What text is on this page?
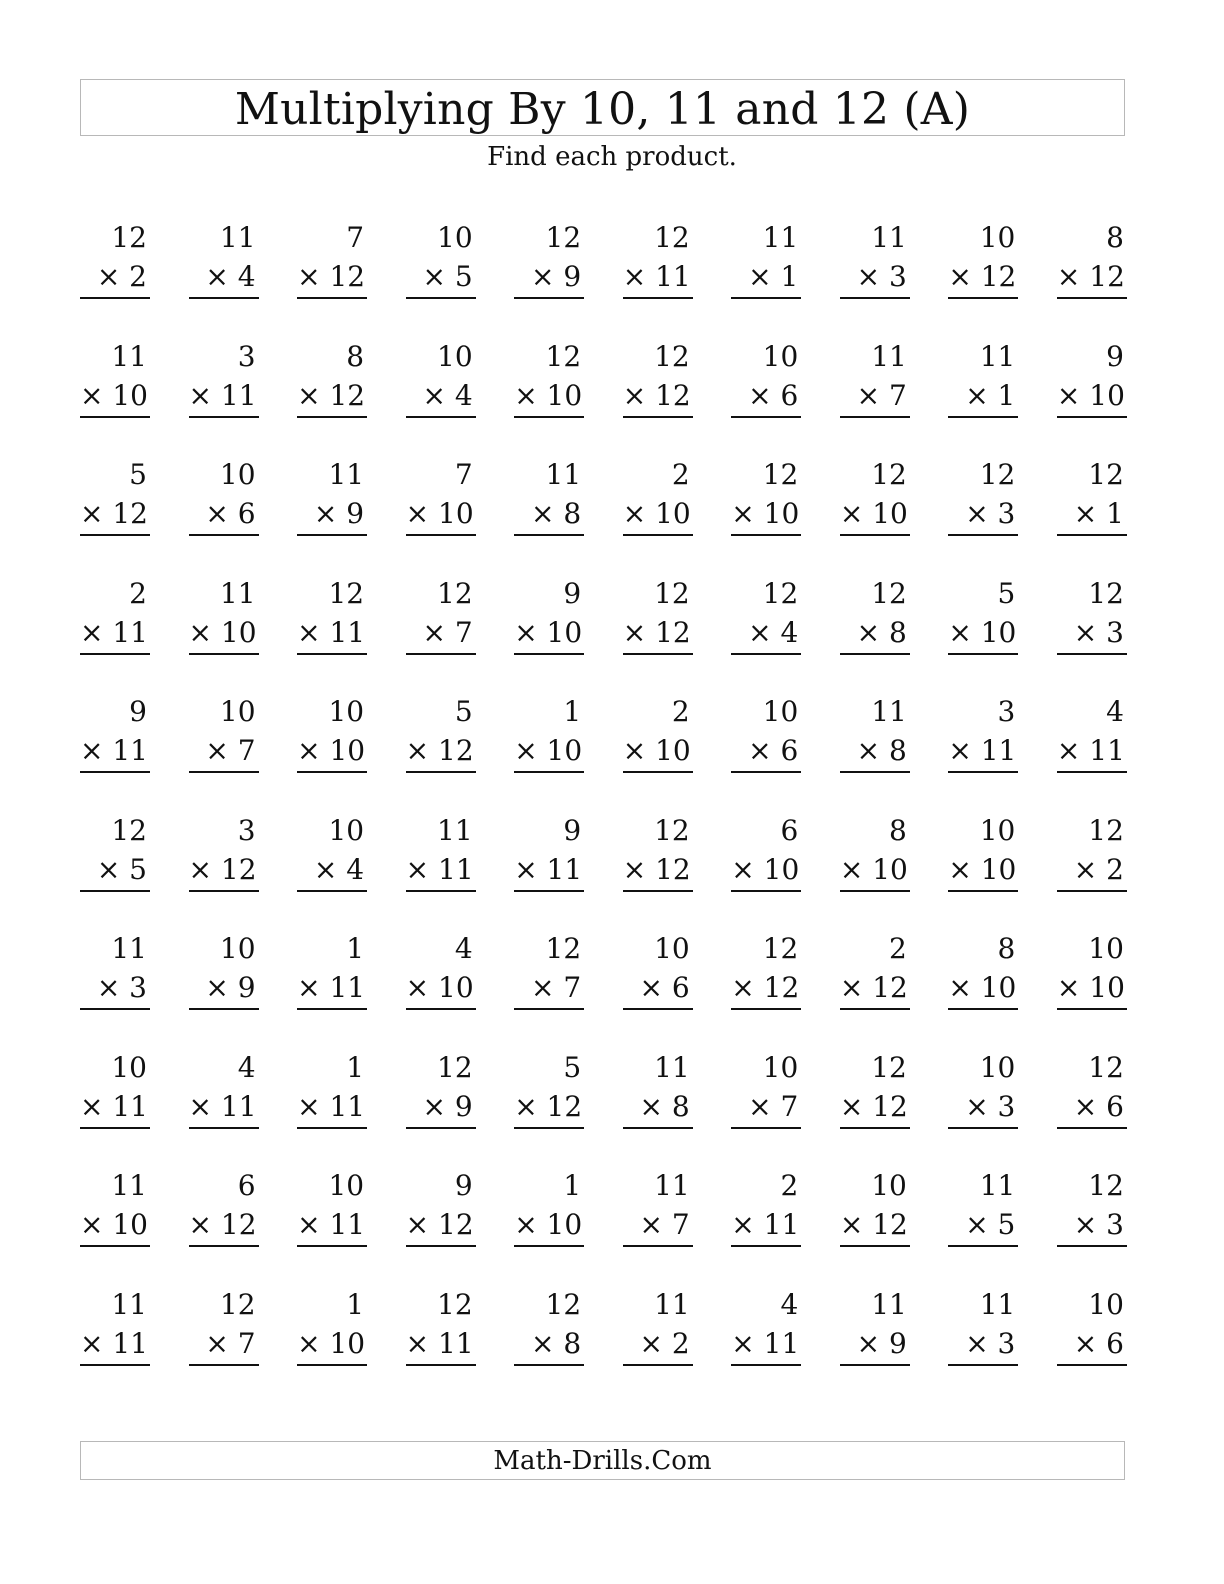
Multiplying By 10, 11 and 12 (A)
Find each product.
12
× 2
11
× 4
7
× 12
10
× 5
12
× 9
12
× 11
11
× 1
11
× 3
10
× 12
8
× 12
11
× 10
3
× 11
8
× 12
10
× 4
12
× 10
12
× 12
10
× 6
11
× 7
11
× 1
9
× 10
5
× 12
10
× 6
11
× 9
7
× 10
11
× 8
2
× 10
12
× 10
12
× 10
12
× 3
12
× 1
2
× 11
11
× 10
12
× 11
12
× 7
9
× 10
12
× 12
12
× 4
12
× 8
5
× 10
12
× 3
9
× 11
10
× 7
10
× 10
5
× 12
1
× 10
2
× 10
10
× 6
11
× 8
3
× 11
4
× 11
12
× 5
3
× 12
10
× 4
11
× 11
9
× 11
12
× 12
6
× 10
8
× 10
10
× 10
12
× 2
11
× 3
10
× 9
1
× 11
4
× 10
12
× 7
10
× 6
12
× 12
2
× 12
8
× 10
10
× 10
10
× 11
4
× 11
1
× 11
12
× 9
5
× 12
11
× 8
10
× 7
12
× 12
10
× 3
12
× 6
11
× 10
6
× 12
10
× 11
9
× 12
1
× 10
11
× 7
2
× 11
10
× 12
11
× 5
12
× 3
11
× 11
12
× 7
1
× 10
12
× 11
12
× 8
11
× 2
4
× 11
11
× 9
11
× 3
10
× 6
Math-Drills.Com
